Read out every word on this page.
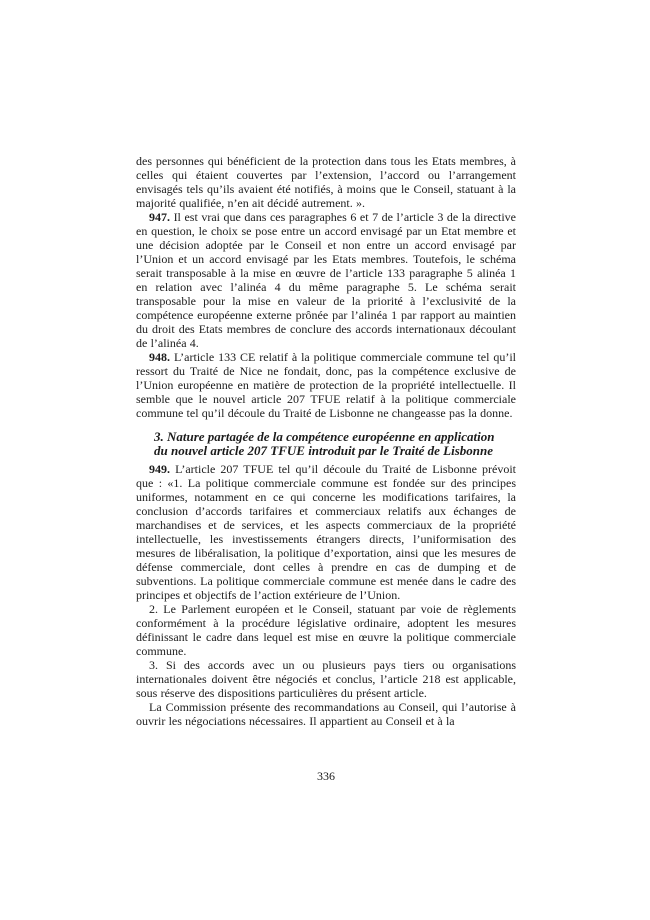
des personnes qui bénéficient de la protection dans tous les Etats membres, à celles qui étaient couvertes par l’extension, l’accord ou l’arrangement envisagés tels qu’ils avaient été notifiés, à moins que le Conseil, statuant à la majorité qualifiée, n’en ait décidé autrement. ».

947. Il est vrai que dans ces paragraphes 6 et 7 de l’article 3 de la directive en question, le choix se pose entre un accord envisagé par un Etat membre et une décision adoptée par le Conseil et non entre un accord envisagé par l’Union et un accord envisagé par les Etats membres. Toutefois, le schéma serait transposable à la mise en œuvre de l’article 133 paragraphe 5 alinéa 1 en relation avec l’alinéa 4 du même paragraphe 5. Le schéma serait transposable pour la mise en valeur de la priorité à l’exclusivité de la compétence européenne externe prônée par l’alinéa 1 par rapport au maintien du droit des Etats membres de conclure des accords internationaux découlant de l’alinéa 4.

948. L’article 133 CE relatif à la politique commerciale commune tel qu’il ressort du Traité de Nice ne fondait, donc, pas la compétence exclusive de l’Union européenne en matière de protection de la propriété intellectuelle. Il semble que le nouvel article 207 TFUE relatif à la politique commerciale commune tel qu’il découle du Traité de Lisbonne ne changeasse pas la donne.

3. Nature partagée de la compétence européenne en application
du nouvel article 207 TFUE introduit par le Traité de Lisbonne

949. L’article 207 TFUE tel qu’il découle du Traité de Lisbonne prévoit que : «1. La politique commerciale commune est fondée sur des principes uniformes, notamment en ce qui concerne les modifications tarifaires, la conclusion d’accords tarifaires et commerciaux relatifs aux échanges de marchandises et de services, et les aspects commerciaux de la propriété intellectuelle, les investissements étrangers directs, l’uniformisation des mesures de libéralisation, la politique d’exportation, ainsi que les mesures de défense commerciale, dont celles à prendre en cas de dumping et de subventions. La politique commerciale commune est menée dans le cadre des principes et objectifs de l’action extérieure de l’Union.

2. Le Parlement européen et le Conseil, statuant par voie de règlements conformément à la procédure législative ordinaire, adoptent les mesures définissant le cadre dans lequel est mise en œuvre la politique commerciale commune.

3. Si des accords avec un ou plusieurs pays tiers ou organisations internationales doivent être négociés et conclus, l’article 218 est applicable, sous réserve des dispositions particulières du présent article.

La Commission présente des recommandations au Conseil, qui l’autorise à ouvrir les négociations nécessaires. Il appartient au Conseil et à la

336
